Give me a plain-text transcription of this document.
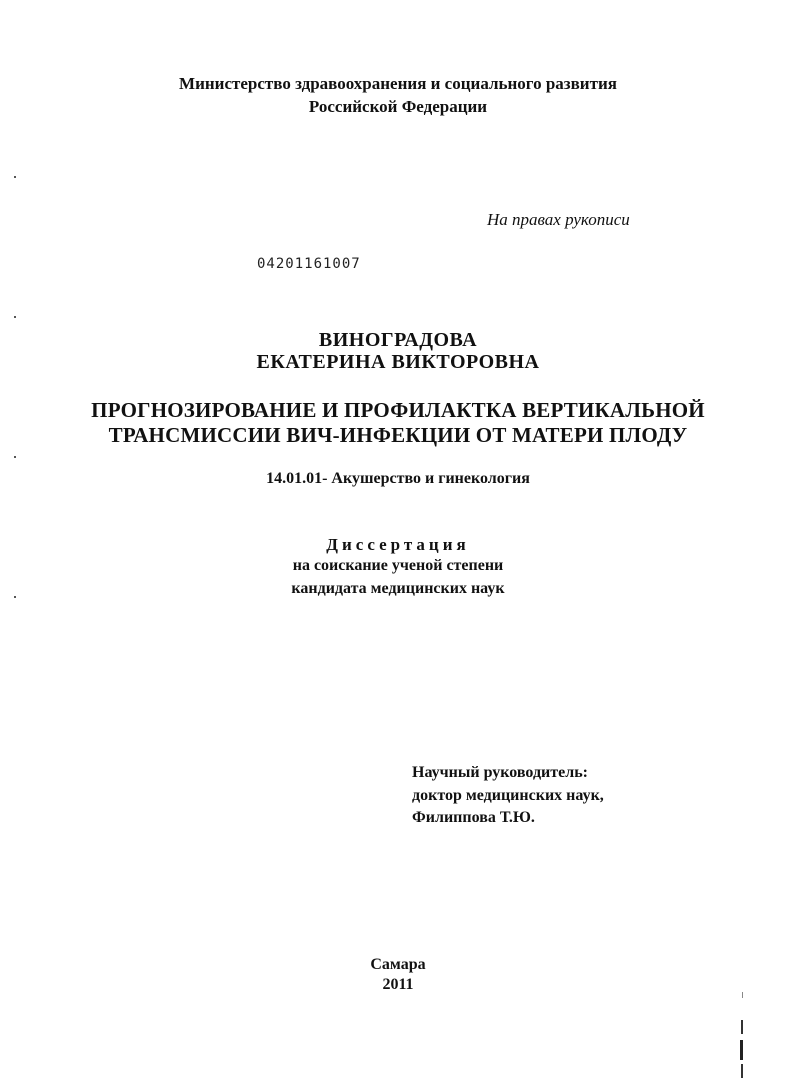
Министерство здравоохранения и социального развития
Российской Федерации
На правах рукописи
04201161007
ВИНОГРАДОВА
ЕКАТЕРИНА ВИКТОРОВНА
ПРОГНОЗИРОВАНИЕ И ПРОФИЛАКТКА ВЕРТИКАЛЬНОЙ
ТРАНСМИССИИ ВИЧ-ИНФЕКЦИИ ОТ МАТЕРИ ПЛОДУ
14.01.01- Акушерство и гинекология
Диссертация
на соискание ученой степени
кандидата медицинских наук
Научный руководитель:
доктор медицинских наук,
Филиппова Т.Ю.
Самара
2011
